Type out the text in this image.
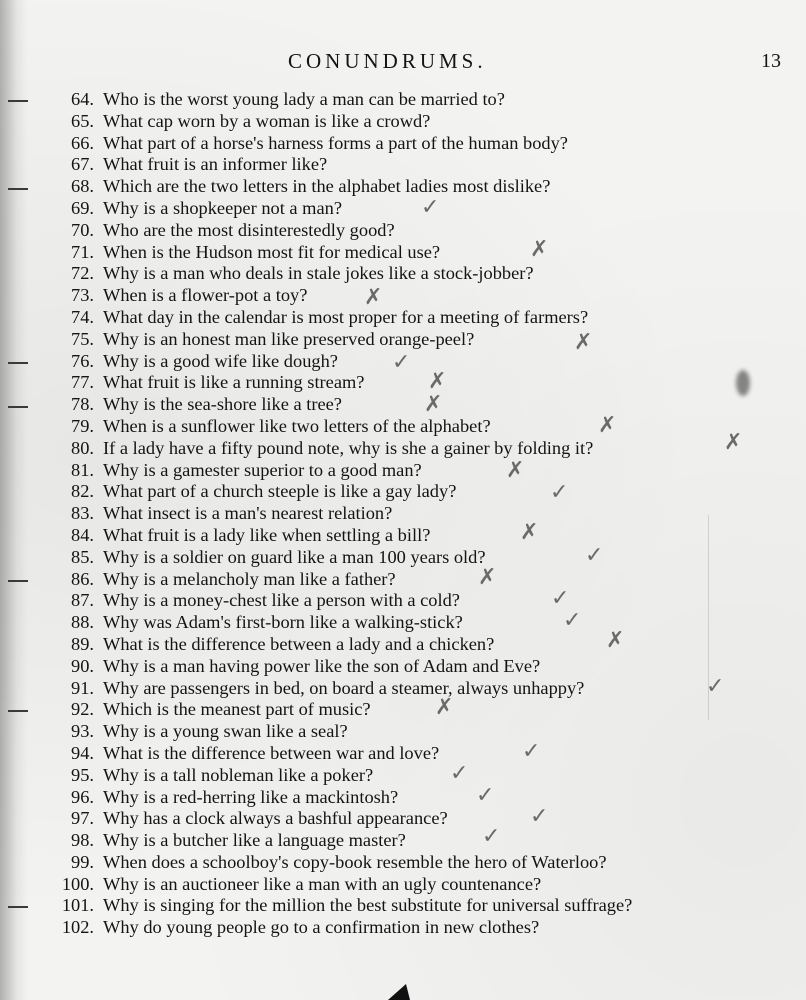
CONUNDRUMS.	13
64. Who is the worst young lady a man can be married to?
65. What cap worn by a woman is like a crowd?
66. What part of a horse's harness forms a part of the human body?
67. What fruit is an informer like?
68. Which are the two letters in the alphabet ladies most dislike?
69. Why is a shopkeeper not a man?
70. Who are the most disinterestedly good?
71. When is the Hudson most fit for medical use?
72. Why is a man who deals in stale jokes like a stock-jobber?
73. When is a flower-pot a toy?
74. What day in the calendar is most proper for a meeting of farmers?
75. Why is an honest man like preserved orange-peel?
76. Why is a good wife like dough?
77. What fruit is like a running stream?
78. Why is the sea-shore like a tree?
79. When is a sunflower like two letters of the alphabet?
80. If a lady have a fifty pound note, why is she a gainer by folding it?
81. Why is a gamester superior to a good man?
82. What part of a church steeple is like a gay lady?
83. What insect is a man's nearest relation?
84. What fruit is a lady like when settling a bill?
85. Why is a soldier on guard like a man 100 years old?
86. Why is a melancholy man like a father?
87. Why is a money-chest like a person with a cold?
88. Why was Adam's first-born like a walking-stick?
89. What is the difference between a lady and a chicken?
90. Why is a man having power like the son of Adam and Eve?
91. Why are passengers in bed, on board a steamer, always unhappy?
92. Which is the meanest part of music?
93. Why is a young swan like a seal?
94. What is the difference between war and love?
95. Why is a tall nobleman like a poker?
96. Why is a red-herring like a mackintosh?
97. Why has a clock always a bashful appearance?
98. Why is a butcher like a language master?
99. When does a schoolboy's copy-book resemble the hero of Waterloo?
100. Why is an auctioneer like a man with an ugly countenance?
101. Why is singing for the million the best substitute for universal suffrage?
102. Why do young people go to a confirmation in new clothes?
✓
✗
✗
✗
✓
✗
✗
✗
✗
✗
✓
✗
✓
✗
✓
✓
✗
✓
✗
✓
✓
✓
✓
✓
